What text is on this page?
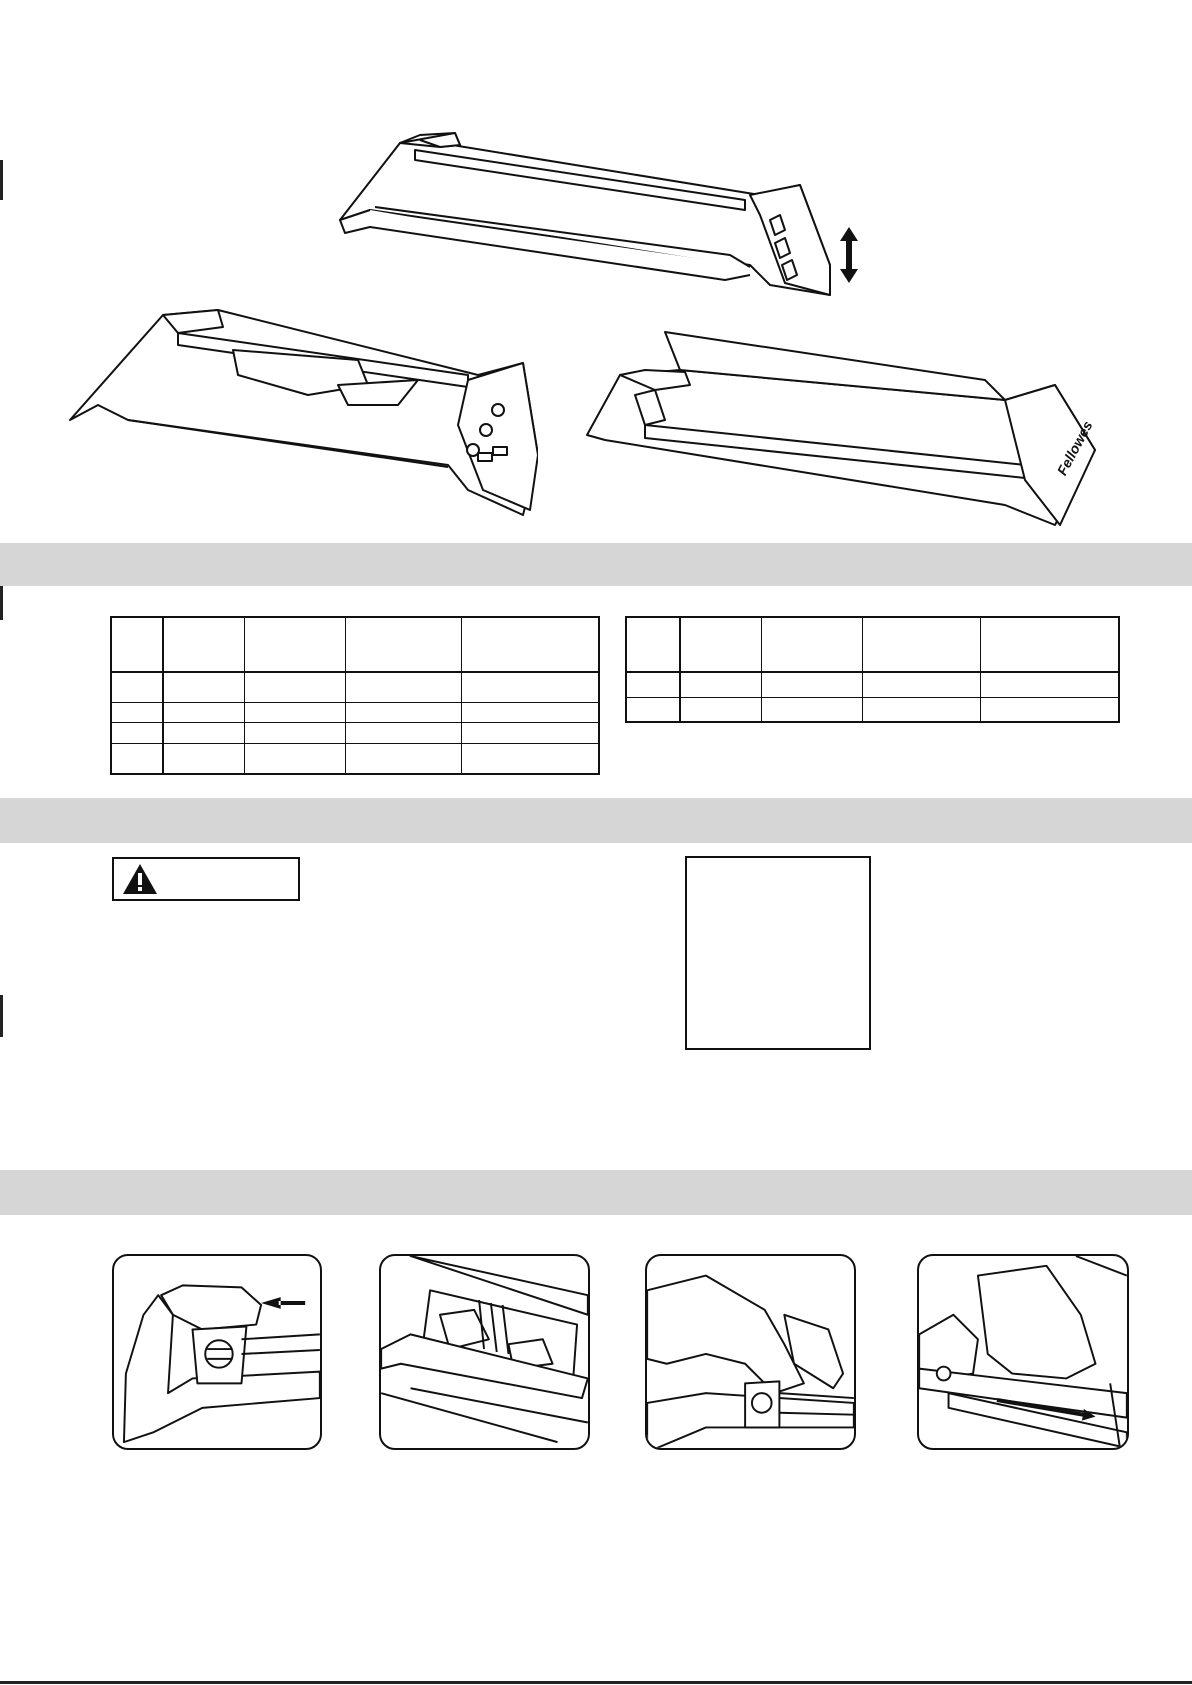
Fellowes
